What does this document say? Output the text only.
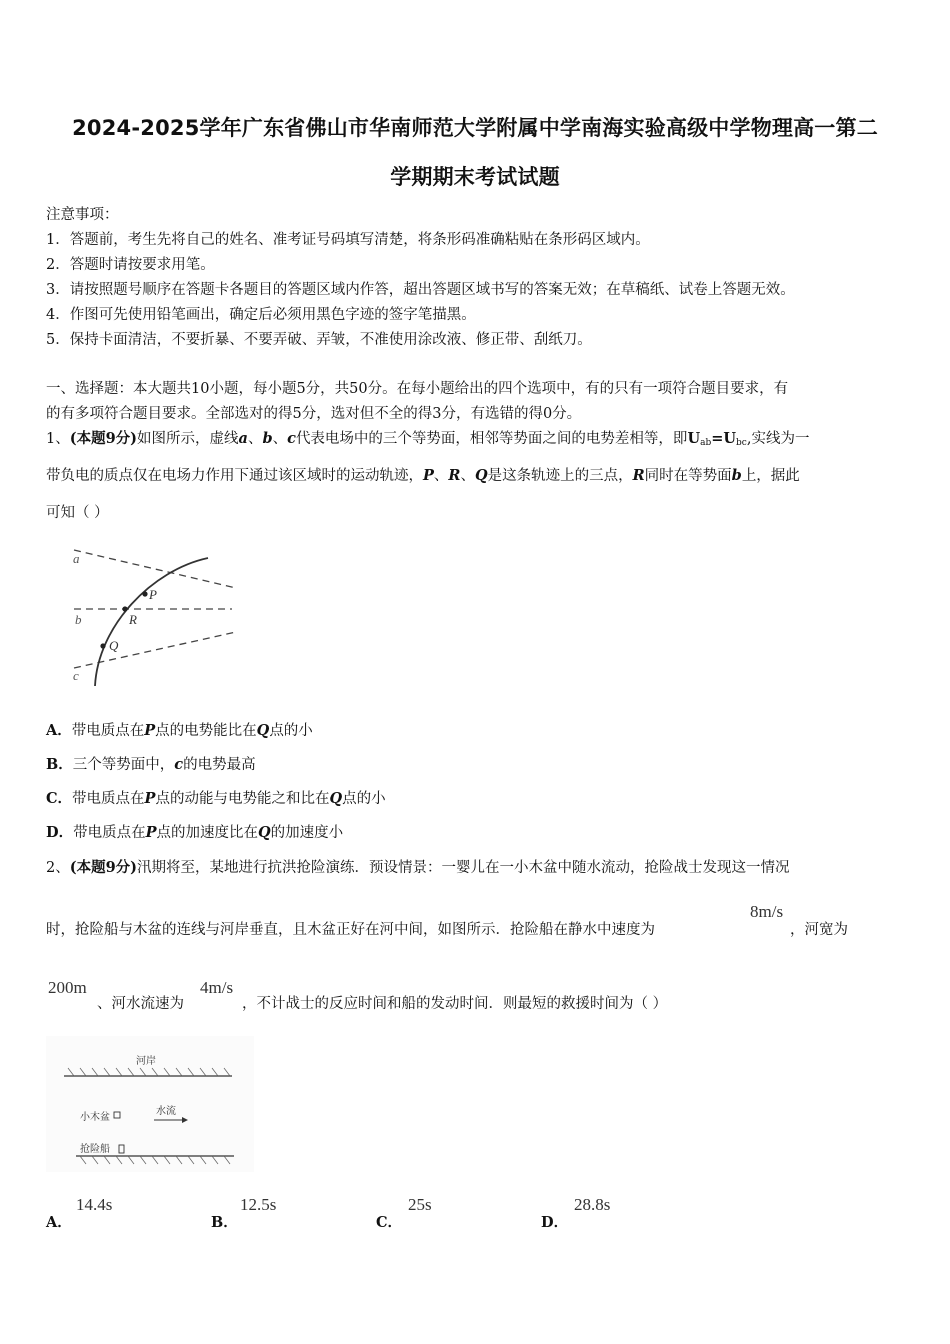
2024-2025学年广东省佛山市华南师范大学附属中学南海实验高级中学物理高一第二
学期期末考试试题
注意事项：
1．答题前，考生先将自己的姓名、准考证号码填写清楚，将条形码准确粘贴在条形码区域内。
2．答题时请按要求用笔。
3．请按照题号顺序在答题卡各题目的答题区域内作答，超出答题区域书写的答案无效；在草稿纸、试卷上答题无效。
4．作图可先使用铅笔画出，确定后必须用黑色字迹的签字笔描黑。
5．保持卡面清洁，不要折暴、不要弄破、弄皱，不准使用涂改液、修正带、刮纸刀。
一、选择题：本大题共10小题，每小题5分，共50分。在每小题给出的四个选项中，有的只有一项符合题目要求，有
的有多项符合题目要求。全部选对的得5分，选对但不全的得3分，有选错的得0分。
1、(本题9分)如图所示，虚线a、b、c代表电场中的三个等势面，相邻等势面之间的电势差相等，即$U_{ab}=U_{bc}$,实线为一
带负电的质点仅在电场力作用下通过该区域时的运动轨迹，P、R、Q是这条轨迹上的三点，R同时在等势面b上，据此
可知（ ）
a
b
c
P
R
Q
A．带电质点在P点的电势能比在Q点的小
B．三个等势面中，c的电势最高
C．带电质点在P点的动能与电势能之和比在Q点的小
D．带电质点在P点的加速度比在Q的加速度小
2、(本题9分)汛期将至，某地进行抗洪抢险演练．预设情景：一婴儿在一小木盆中随水流动，抢险战士发现这一情况
时，抢险船与木盆的连线与河岸垂直，且木盆正好在河中间，如图所示．抢险船在静水中速度为
8m/s
，河宽为
200m
、河水流速为
4m/s
，不计战士的反应时间和船的发动时间．则最短的救援时间为（ ）
河岸
小木盆
水流
抢险船
A．
14.4s
B．
12.5s
C．
25s
D．
28.8s
